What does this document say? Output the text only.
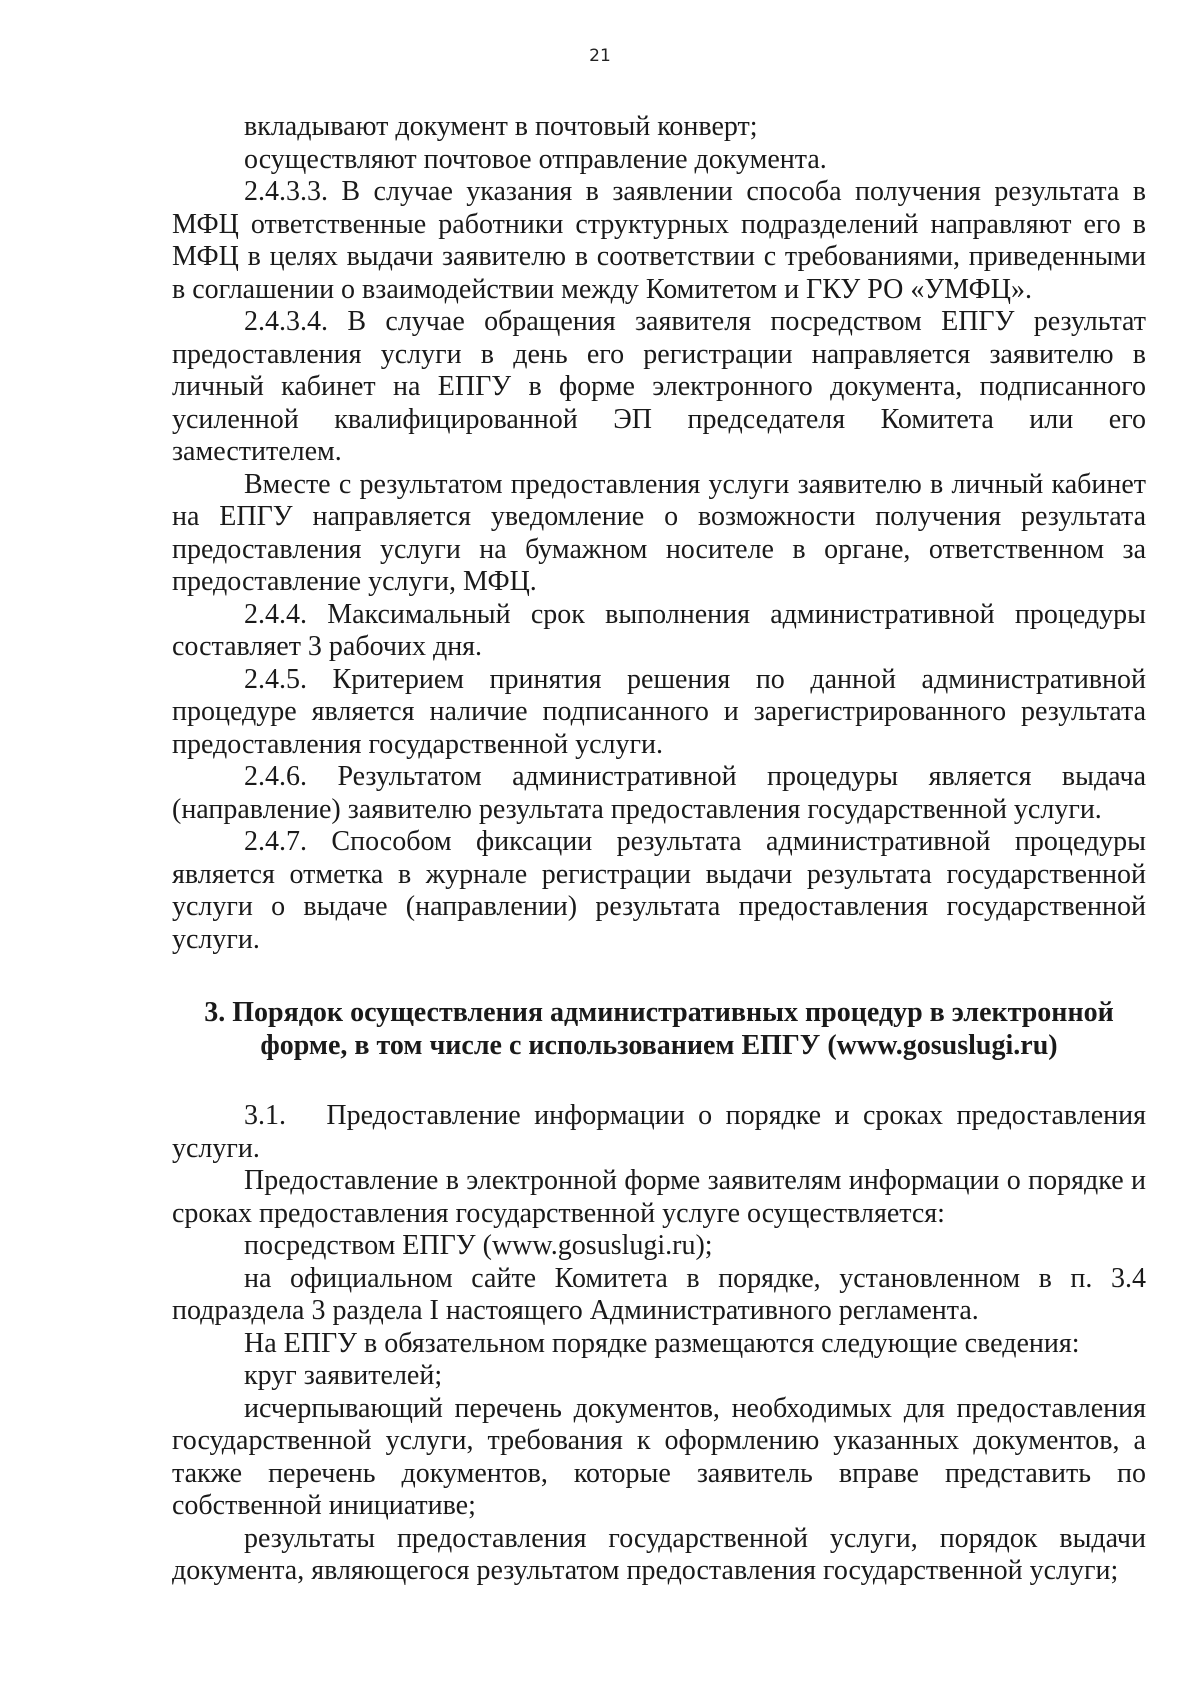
21

вкладывают документ в почтовый конверт;

осуществляют почтовое отправление документа.

2.4.3.3. В случае указания в заявлении способа получения результата в МФЦ ответственные работники структурных подразделений направляют его в МФЦ в целях выдачи заявителю в соответствии с требованиями, приведенными в соглашении о взаимодействии между Комитетом и ГКУ РО «УМФЦ».

2.4.3.4. В случае обращения заявителя посредством ЕПГУ результат предоставления услуги в день его регистрации направляется заявителю в личный кабинет на ЕПГУ в форме электронного документа, подписанного усиленной квалифицированной ЭП председателя Комитета или его заместителем.

Вместе с результатом предоставления услуги заявителю в личный кабинет на ЕПГУ направляется уведомление о возможности получения результата предоставления услуги на бумажном носителе в органе, ответственном за предоставление услуги, МФЦ.

2.4.4. Максимальный срок выполнения административной процедуры составляет 3 рабочих дня.

2.4.5. Критерием принятия решения по данной административной процедуре является наличие подписанного и зарегистрированного результата предоставления государственной услуги.

2.4.6. Результатом административной процедуры является выдача (направление) заявителю результата предоставления государственной услуги.

2.4.7. Способом фиксации результата административной процедуры является отметка в журнале регистрации выдачи результата государственной услуги о выдаче (направлении) результата предоставления государственной услуги.

3. Порядок осуществления административных процедур в электронной
форме, в том числе с использованием ЕПГУ (www.gosuslugi.ru)

3.1.   Предоставление информации о порядке и сроках предоставления услуги.

Предоставление в электронной форме заявителям информации о порядке и сроках предоставления государственной услуге осуществляется:

посредством ЕПГУ (www.gosuslugi.ru);

на официальном сайте Комитета в порядке, установленном в п. 3.4 подраздела 3 раздела I настоящего Административного регламента.

На ЕПГУ в обязательном порядке размещаются следующие сведения:

круг заявителей;

исчерпывающий перечень документов, необходимых для предоставления государственной услуги, требования к оформлению указанных документов, а также перечень документов, которые заявитель вправе представить по собственной инициативе;

результаты предоставления государственной услуги, порядок выдачи документа, являющегося результатом предоставления государственной услуги;
